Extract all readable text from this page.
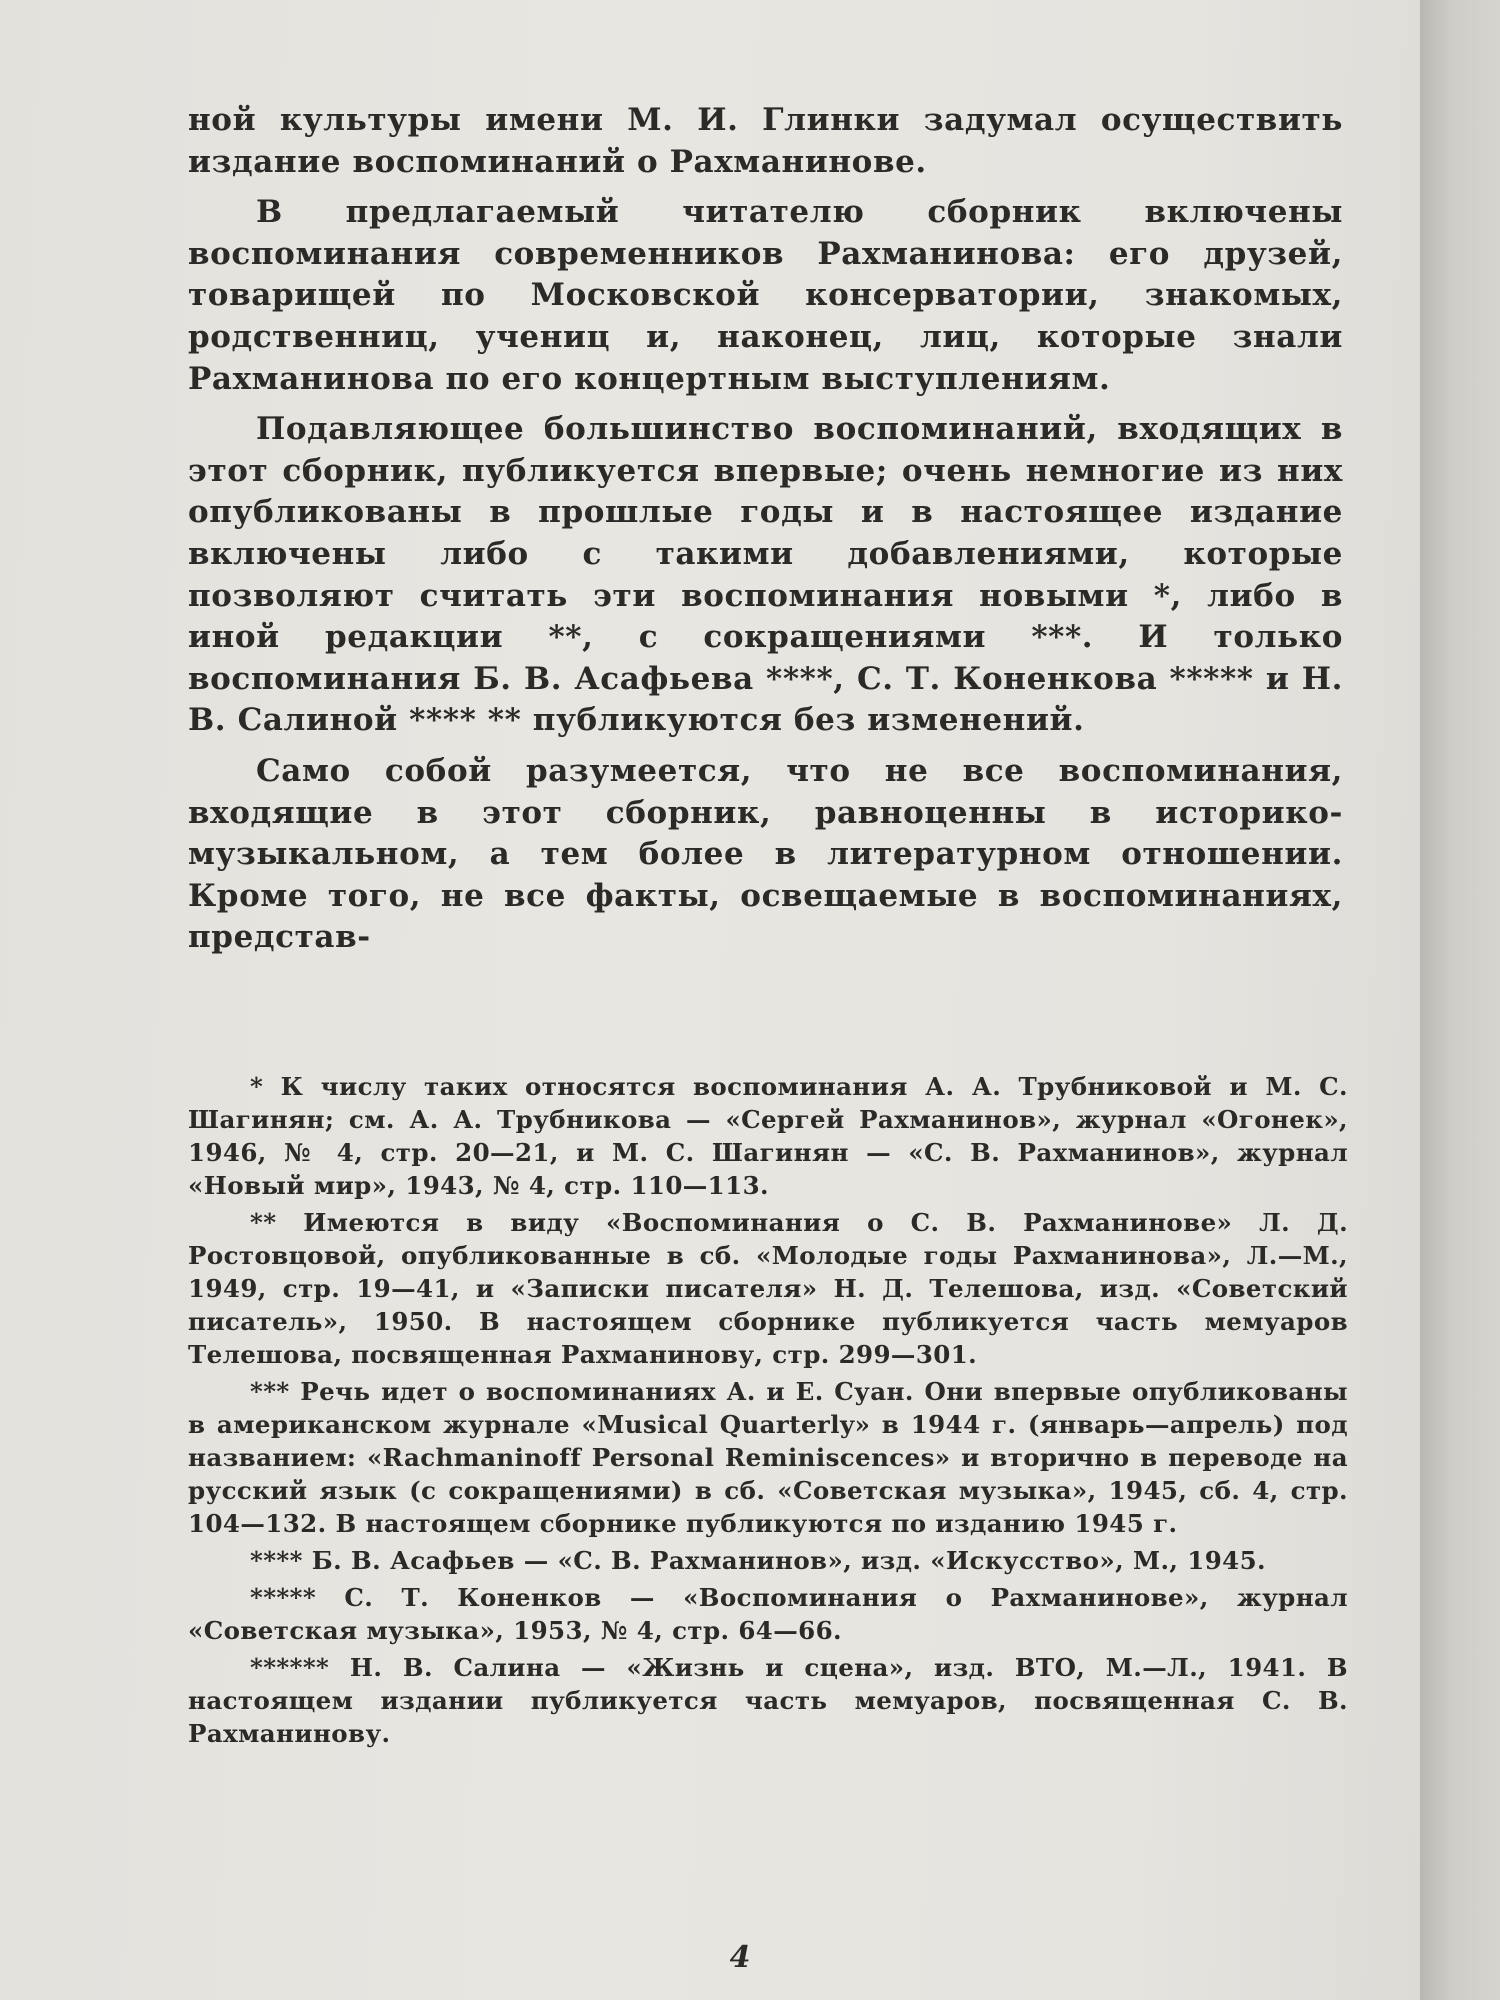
ной культуры имени М. И. Глинки задумал осуществить издание воспоминаний о Рахманинове.

В предлагаемый читателю сборник включены воспоминания современников Рахманинова: его друзей, товарищей по Московской консерватории, знакомых, родственниц, учениц и, наконец, лиц, которые знали Рахманинова по его концертным выступлениям.

Подавляющее большинство воспоминаний, входящих в этот сборник, публикуется впервые; очень немногие из них опубликованы в прошлые годы и в настоящее издание включены либо с такими добавлениями, которые позволяют считать эти воспоминания новыми *, либо в иной редакции **, с сокращениями ***. И только воспоминания Б. В. Асафьева ****, С. Т. Коненкова ***** и Н. В. Салиной **** ** публикуются без изменений.

Само собой разумеется, что не все воспоминания, входящие в этот сборник, равноценны в историко-музыкальном, а тем более в литературном отношении. Кроме того, не все факты, освещаемые в воспоминаниях, представ-

* К числу таких относятся воспоминания А. А. Трубниковой и М. С. Шагинян; см. А. А. Трубникова — «Сергей Рахманинов», журнал «Огонек», 1946, № 4, стр. 20—21, и М. С. Шагинян — «С. В. Рахманинов», журнал «Новый мир», 1943, № 4, стр. 110—113.

** Имеются в виду «Воспоминания о С. В. Рахманинове» Л. Д. Ростовцовой, опубликованные в сб. «Молодые годы Рахманинова», Л.—М., 1949, стр. 19—41, и «Записки писателя» Н. Д. Телешова, изд. «Советский писатель», 1950. В настоящем сборнике публикуется часть мемуаров Телешова, посвященная Рахманинову, стр. 299—301.

*** Речь идет о воспоминаниях А. и Е. Суан. Они впервые опубликованы в американском журнале «Musical Quarterly» в 1944 г. (январь—апрель) под названием: «Rachmaninoff Personal Reminiscences» и вторично в переводе на русский язык (с сокращениями) в сб. «Советская музыка», 1945, сб. 4, стр. 104—132. В настоящем сборнике публикуются по изданию 1945 г.

**** Б. В. Асафьев — «С. В. Рахманинов», изд. «Искусство», М., 1945.

***** С. Т. Коненков — «Воспоминания о Рахманинове», журнал «Советская музыка», 1953, № 4, стр. 64—66.

****** Н. В. Салина — «Жизнь и сцена», изд. ВТО, М.—Л., 1941. В настоящем издании публикуется часть мемуаров, посвященная С. В. Рахманинову.

4
